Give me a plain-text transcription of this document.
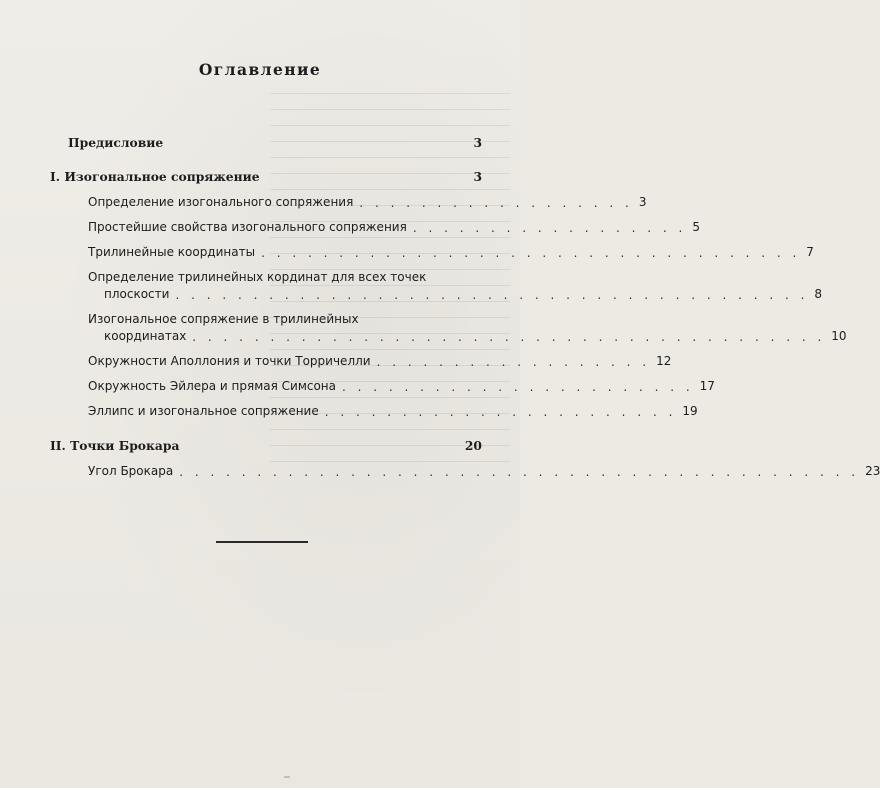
Оглавление
Предисловие	3
I. Изогональное сопряжение	3
Определение изогонального сопряжения . . . . . . . . . . . . . . . . . . 3
Простейшие свойства изогонального сопряжения . . . . . . . . . . . . . . . . . . 5
Трилинейные координаты . . . . . . . . . . . . . . . . . . . . . . . . . . . . . . . . . . . 7
Определение трилинейных кординат для всех точек
плоскости . . . . . . . . . . . . . . . . . . . . . . . . . . . . . . . . . . . . . . . . . 8
Изогональное сопряжение в трилинейных
координатах . . . . . . . . . . . . . . . . . . . . . . . . . . . . . . . . . . . . . . . . . 10
Окружности Аполлония и точки Торричелли . . . . . . . . . . . . . . . . . . 12
Окружность Эйлера и прямая Симсона . . . . . . . . . . . . . . . . . . . . . . . 17
Эллипс и изогональное сопряжение . . . . . . . . . . . . . . . . . . . . . . . 19
II. Точки Брокара	20
Угол Брокара . . . . . . . . . . . . . . . . . . . . . . . . . . . . . . . . . . . . . . . . . . . . 23
